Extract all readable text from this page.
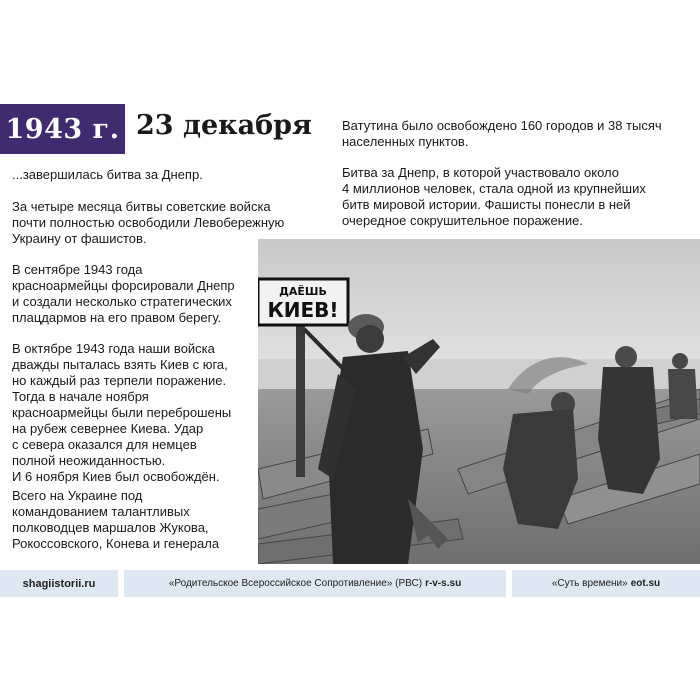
1943 г. 23 декабря
...завершилась битва за Днепр.

За четыре месяца битвы советские войска
почти полностью освободили Левобережную
Украину от фашистов.

В сентябре 1943 года
красноармейцы форсировали Днепр
и создали несколько стратегических
плацдармов на его правом берегу.

В октябре 1943 года наши войска
дважды пыталась взять Киев с юга,
но каждый раз терпели поражение.
Тогда в начале ноября
красноармейцы были переброшены
на рубеж севернее Киева. Удар
с севера оказался для немцев
полной неожиданностью.
И 6 ноября Киев был освобождён.

Всего на Украине под
командованием талантливых
полководцев маршалов Жукова,
Рокоссовского, Конева и генерала

Ватутина было освобождено 160 городов и 38 тысяч
населенных пунктов.

Битва за Днепр, в которой участвовало около
4 миллионов человек, стала одной из крупнейших
битв мировой истории. Фашисты понесли в ней
очередное сокрушительное поражение.

ДАЁШЬ
КИЕВ!
shagiistorii.ru	«Родительское Всероссийское Сопротивление» (РВС) r-v-s.su	«Суть времени» eot.su
